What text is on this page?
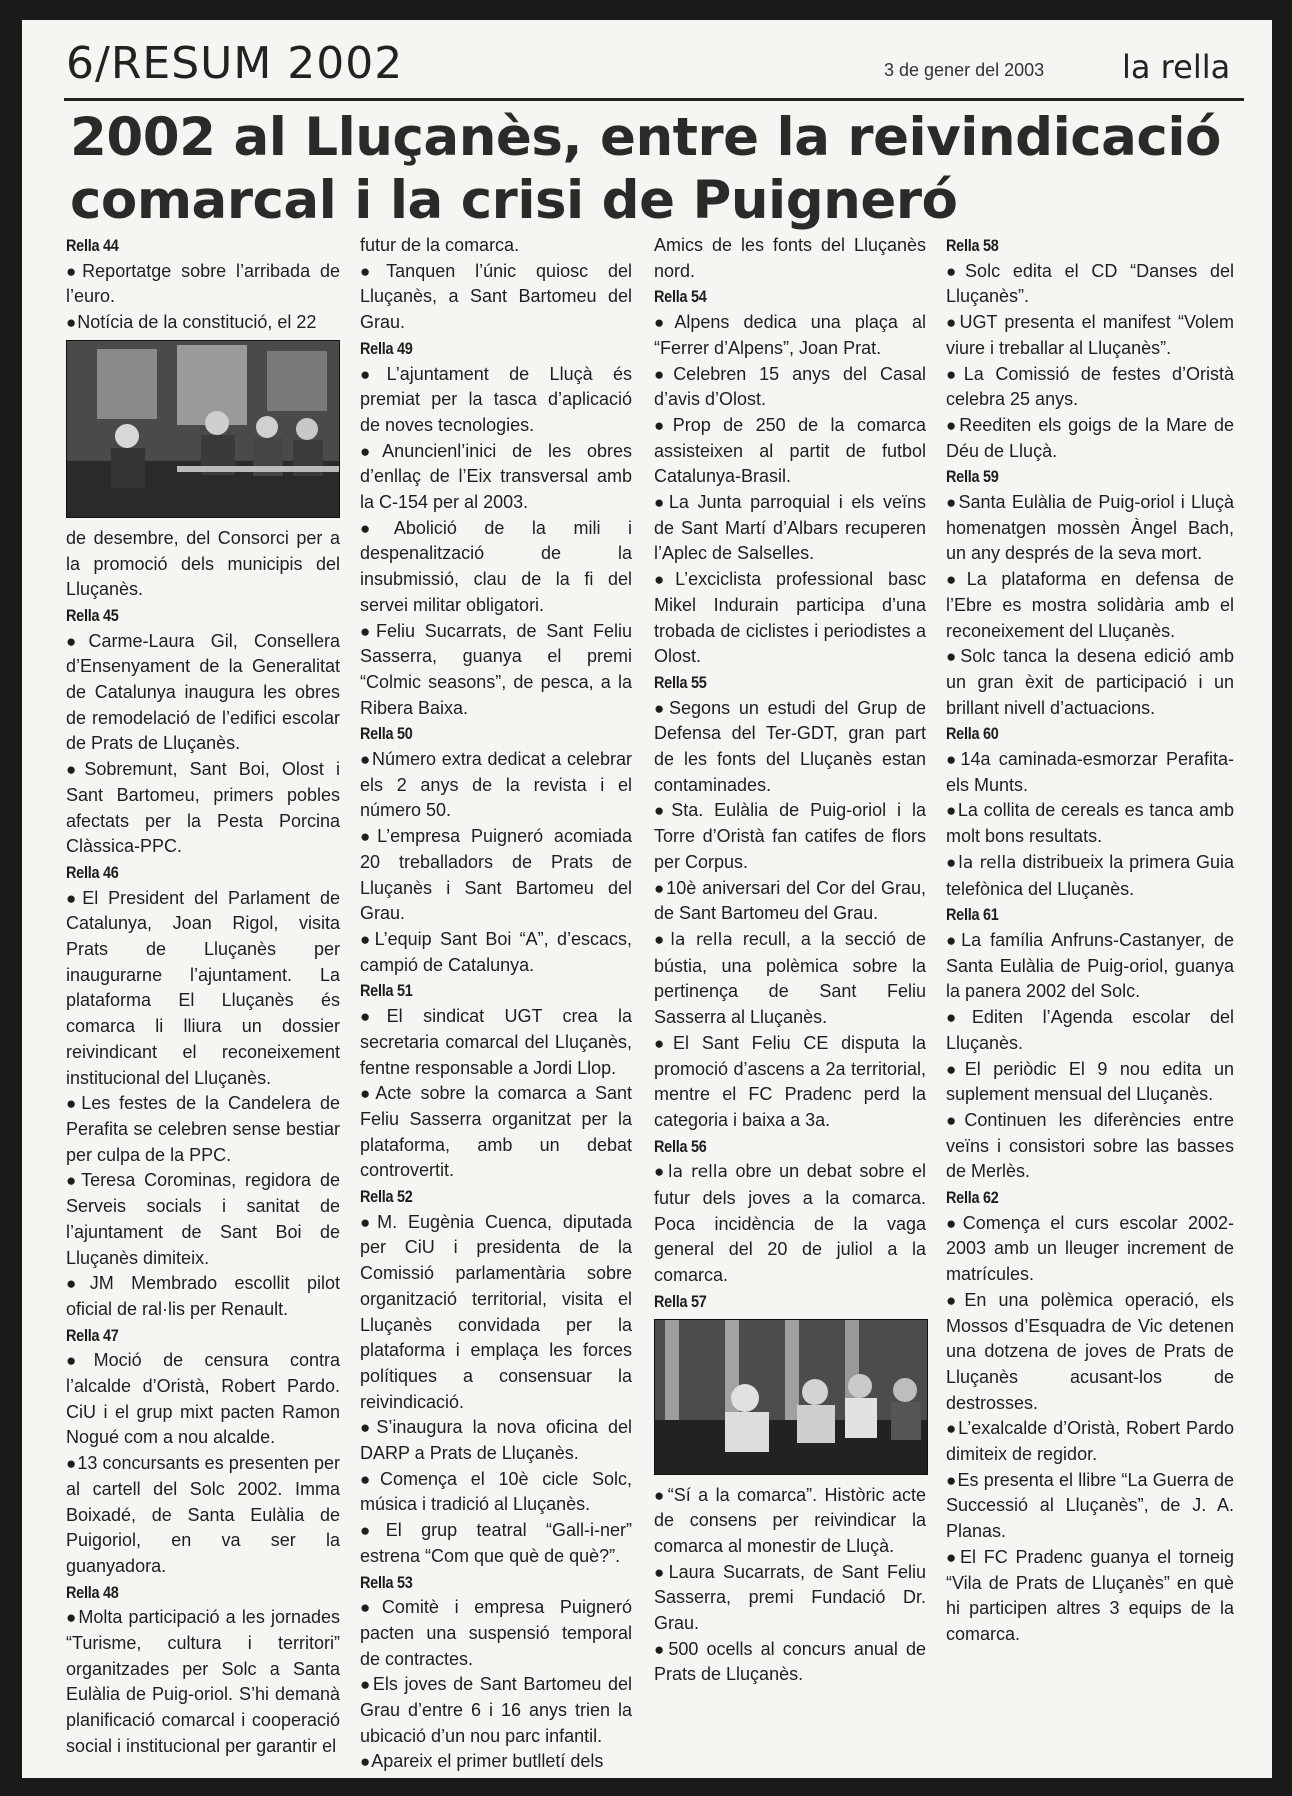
6/RESUM 2002	3 de gener del 2003 la rella
2002 al Lluçanès, entre la reivindicació comarcal i la crisi de Puigneró

Rella 44

● Reportatge sobre l’arribada de l’euro.

● Notícia de la constitució, el 22

de desembre, del Consorci per a la promoció dels municipis del Lluçanès.

Rella 45

● Carme-Laura Gil, Consellera d’Ensenyament de la Generalitat de Catalunya inaugura les obres de remodelació de l’edifici escolar de Prats de Lluçanès.

● Sobremunt, Sant Boi, Olost i Sant Bartomeu, primers pobles afectats per la Pesta Porcina Clàssica-PPC.

Rella 46

● El President del Parlament de Catalunya, Joan Rigol, visita Prats de Lluçanès per inaugurarne l’ajuntament. La plataforma El Lluçanès és comarca li lliura un dossier reivindicant el reconeixement institucional del Lluçanès.

● Les festes de la Candelera de Perafita se celebren sense bestiar per culpa de la PPC.

● Teresa Corominas, regidora de Serveis socials i sanitat de l’ajuntament de Sant Boi de Lluçanès dimiteix.

● JM Membrado escollit pilot oficial de ral·lis per Renault.

Rella 47

● Moció de censura contra l’alcalde d’Oristà, Robert Pardo. CiU i el grup mixt pacten Ramon Nogué com a nou alcalde.

● 13 concursants es presenten per al cartell del Solc 2002. Imma Boixadé, de Santa Eulàlia de Puigoriol, en va ser la guanyadora.

Rella 48

● Molta participació a les jornades “Turisme, cultura i territori” organitzades per Solc a Santa Eulàlia de Puig-oriol. S’hi demanà planificació comarcal i cooperació social i institucional per garantir el

futur de la comarca.

● Tanquen l’únic quiosc del Lluçanès, a Sant Bartomeu del Grau.

Rella 49

● L’ajuntament de Lluçà és premiat per la tasca d’aplicació de noves tecnologies.

● Anuncienl’inici de les obres d’enllaç de l’Eix transversal amb la C-154 per al 2003.

● Abolició de la mili i despenalització de la insubmissió, clau de la fi del servei militar obligatori.

● Feliu Sucarrats, de Sant Feliu Sasserra, guanya el premi “Colmic seasons”, de pesca, a la Ribera Baixa.

Rella 50

● Número extra dedicat a celebrar els 2 anys de la revista i el número 50.

● L’empresa Puigneró acomiada 20 treballadors de Prats de Lluçanès i Sant Bartomeu del Grau.

● L’equip Sant Boi “A”, d’escacs, campió de Catalunya.

Rella 51

● El sindicat UGT crea la secretaria comarcal del Lluçanès, fentne responsable a Jordi Llop.

● Acte sobre la comarca a Sant Feliu Sasserra organitzat per la plataforma, amb un debat controvertit.

Rella 52

● M. Eugènia Cuenca, diputada per CiU i presidenta de la Comissió parlamentària sobre organització territorial, visita el Lluçanès convidada per la plataforma i emplaça les forces polítiques a consensuar la reivindicació.

● S’inaugura la nova oficina del DARP a Prats de Lluçanès.

● Comença el 10è cicle Solc, música i tradició al Lluçanès.

● El grup teatral “Gall-i-ner” estrena “Com que què de què?”.

Rella 53

● Comitè i empresa Puigneró pacten una suspensió temporal de contractes.

● Els joves de Sant Bartomeu del Grau d’entre 6 i 16 anys trien la ubicació d’un nou parc infantil.

● Apareix el primer butlletí dels

Amics de les fonts del Lluçanès nord.

Rella 54

● Alpens dedica una plaça al “Ferrer d’Alpens”, Joan Prat.

● Celebren 15 anys del Casal d’avis d’Olost.

● Prop de 250 de la comarca assisteixen al partit de futbol Catalunya-Brasil.

● La Junta parroquial i els veïns de Sant Martí d’Albars recuperen l’Aplec de Salselles.

● L’exciclista professional basc Mikel Indurain participa d’una trobada de ciclistes i periodistes a Olost.

Rella 55

● Segons un estudi del Grup de Defensa del Ter-GDT, gran part de les fonts del Lluçanès estan contaminades.

● Sta. Eulàlia de Puig-oriol i la Torre d’Oristà fan catifes de flors per Corpus.

● 10è aniversari del Cor del Grau, de Sant Bartomeu del Grau.

● la rella recull, a la secció de bústia, una polèmica sobre la pertinença de Sant Feliu Sasserra al Lluçanès.

● El Sant Feliu CE disputa la promoció d’ascens a 2a territorial, mentre el FC Pradenc perd la categoria i baixa a 3a.

Rella 56

● la rella obre un debat sobre el futur dels joves a la comarca. Poca incidència de la vaga general del 20 de juliol a la comarca.

Rella 57

● “Sí a la comarca”. Històric acte de consens per reivindicar la comarca al monestir de Lluçà.

● Laura Sucarrats, de Sant Feliu Sasserra, premi Fundació Dr. Grau.

● 500 ocells al concurs anual de Prats de Lluçanès.

Rella 58

● Solc edita el CD “Danses del Lluçanès”.

● UGT presenta el manifest “Volem viure i treballar al Lluçanès”.

● La Comissió de festes d’Oristà celebra 25 anys.

● Reediten els goigs de la Mare de Déu de Lluçà.

Rella 59

● Santa Eulàlia de Puig-oriol i Lluçà homenatgen mossèn Àngel Bach, un any després de la seva mort.

● La plataforma en defensa de l’Ebre es mostra solidària amb el reconeixement del Lluçanès.

● Solc tanca la desena edició amb un gran èxit de participació i un brillant nivell d’actuacions.

Rella 60

● 14a caminada-esmorzar Perafita-els Munts.

● La collita de cereals es tanca amb molt bons resultats.

● la rella distribueix la primera Guia telefònica del Lluçanès.

Rella 61

● La família Anfruns-Castanyer, de Santa Eulàlia de Puig-oriol, guanya la panera 2002 del Solc.

● Editen l’Agenda escolar del Lluçanès.

● El periòdic El 9 nou edita un suplement mensual del Lluçanès.

● Continuen les diferències entre veïns i consistori sobre las basses de Merlès.

Rella 62

● Comença el curs escolar 2002-2003 amb un lleuger increment de matrícules.

● En una polèmica operació, els Mossos d’Esquadra de Vic detenen una dotzena de joves de Prats de Lluçanès acusant-los de destrosses.

● L’exalcalde d’Oristà, Robert Pardo dimiteix de regidor.

● Es presenta el llibre “La Guerra de Successió al Lluçanès”, de J. A. Planas.

● El FC Pradenc guanya el torneig “Vila de Prats de Lluçanès” en què hi participen altres 3 equips de la comarca.
